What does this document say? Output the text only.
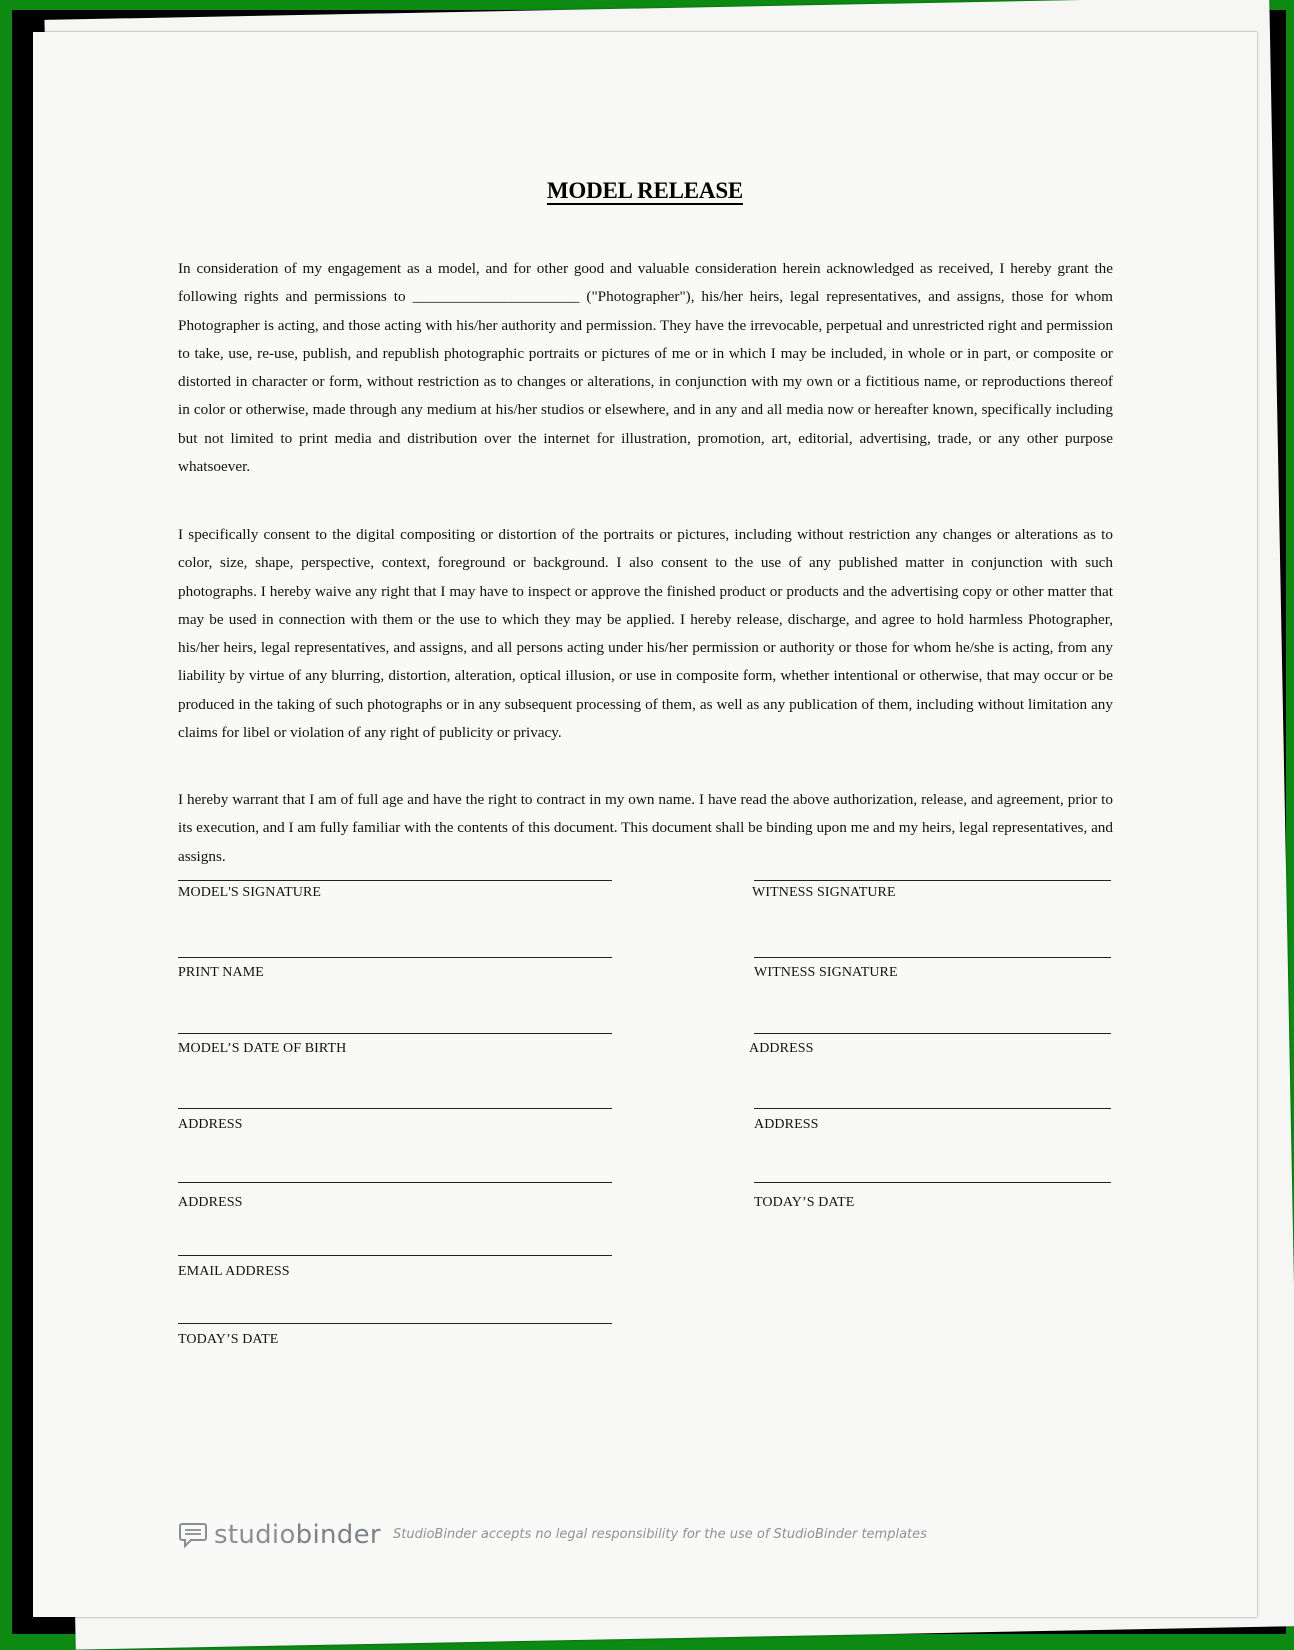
MODEL RELEASE

In consideration of my engagement as a model, and for other good and valuable consideration herein acknowledged as received, I hereby grant the following rights and permissions to ______________________ ("Photographer"), his/her heirs, legal representatives, and assigns, those for whom Photographer is acting, and those acting with his/her authority and permission. They have the irrevocable, perpetual and unrestricted right and permission to take, use, re-use, publish, and republish photographic portraits or pictures of me or in which I may be included, in whole or in part, or composite or distorted in character or form, without restriction as to changes or alterations, in conjunction with my own or a fictitious name, or reproductions thereof in color or otherwise, made through any medium at his/her studios or elsewhere, and in any and all media now or hereafter known, specifically including but not limited to print media and distribution over the internet for illustration, promotion, art, editorial, advertising, trade, or any other purpose whatsoever.

I specifically consent to the digital compositing or distortion of the portraits or pictures, including without restriction any changes or alterations as to color, size, shape, perspective, context, foreground or background. I also consent to the use of any published matter in conjunction with such photographs. I hereby waive any right that I may have to inspect or approve the finished product or products and the advertising copy or other matter that may be used in connection with them or the use to which they may be applied. I hereby release, discharge, and agree to hold harmless Photographer, his/her heirs, legal representatives, and assigns, and all persons acting under his/her permission or authority or those for whom he/she is acting, from any liability by virtue of any blurring, distortion, alteration, optical illusion, or use in composite form, whether intentional or otherwise, that may occur or be produced in the taking of such photographs or in any subsequent processing of them, as well as any publication of them, including without limitation any claims for libel or violation of any right of publicity or privacy.

I hereby warrant that I am of full age and have the right to contract in my own name. I have read the above authorization, release, and agreement, prior to its execution, and I am fully familiar with the contents of this document. This document shall be binding upon me and my heirs, legal representatives, and assigns.

MODEL'S SIGNATURE
PRINT NAME
MODEL’S DATE OF BIRTH
ADDRESS
ADDRESS
EMAIL ADDRESS
TODAY’S DATE
WITNESS SIGNATURE
WITNESS SIGNATURE
ADDRESS
ADDRESS
TODAY’S DATE
studiobinder StudioBinder accepts no legal responsibility for the use of StudioBinder templates
